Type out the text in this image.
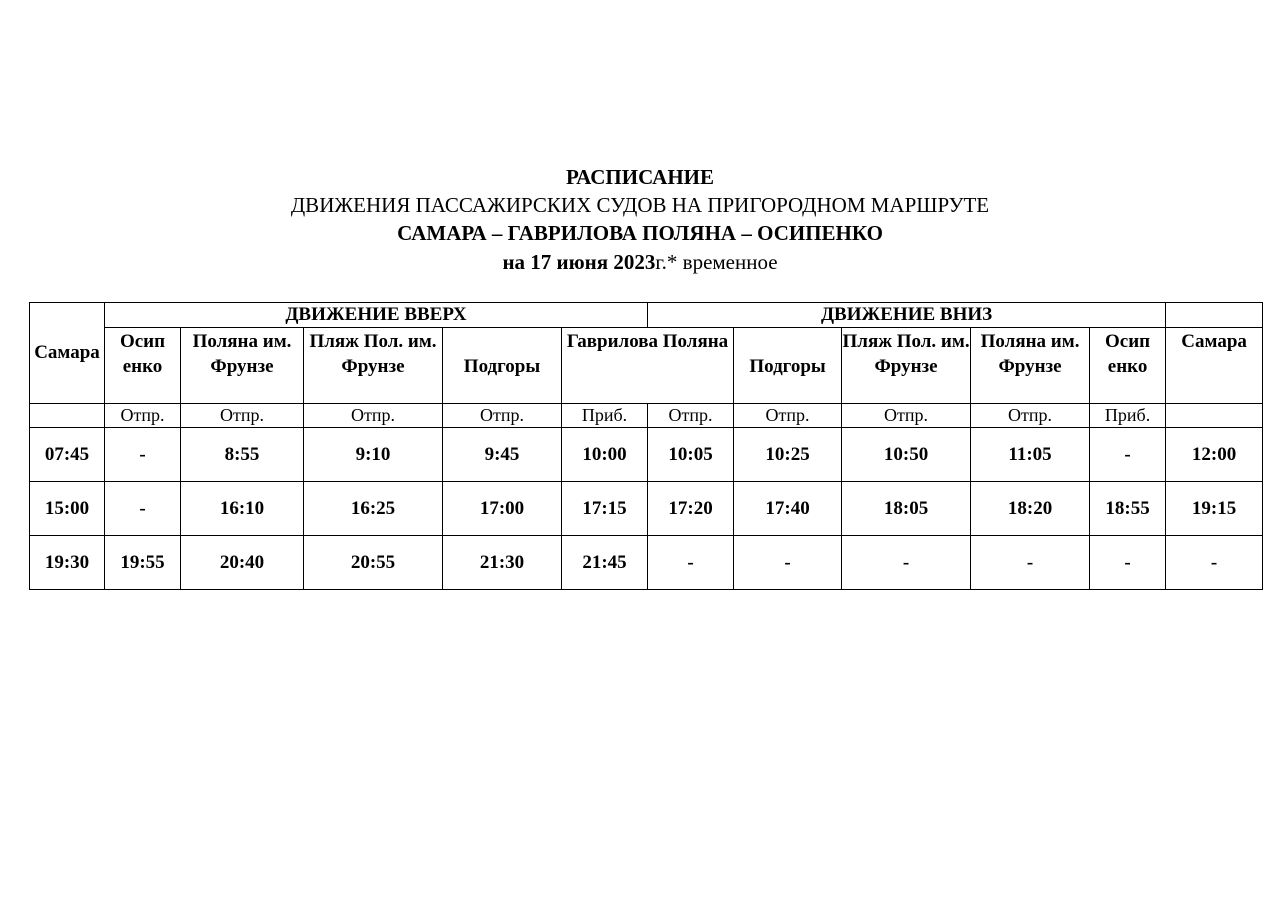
РАСПИСАНИЕ
ДВИЖЕНИЯ ПАССАЖИРСКИХ СУДОВ НА ПРИГОРОДНОМ МАРШРУТЕ
САМАРА – ГАВРИЛОВА ПОЛЯНА – ОСИПЕНКО
на 17 июня 2023г.* временное
Самара	ДВИЖЕНИЕ ВВЕРХ					ДВИЖЕНИЕ ВНИЗ					
	Осип енко	Поляна им. Фрунзе	Пляж Пол. им. Фрунзе	Подгоры	Гаврилова Поляна		Подгоры	Пляж Пол. им. Фрунзе	Поляна им. Фрунзе	Осип енко	Самара
	Отпр.	Отпр.	Отпр.	Отпр.	Приб.	Отпр.	Отпр.	Отпр.	Отпр.	Приб.	
07:45	-	8:55	9:10	9:45	10:00	10:05	10:25	10:50	11:05	-	12:00
15:00	-	16:10	16:25	17:00	17:15	17:20	17:40	18:05	18:20	18:55	19:15
19:30	19:55	20:40	20:55	21:30	21:45	-	-	-	-	-	-
